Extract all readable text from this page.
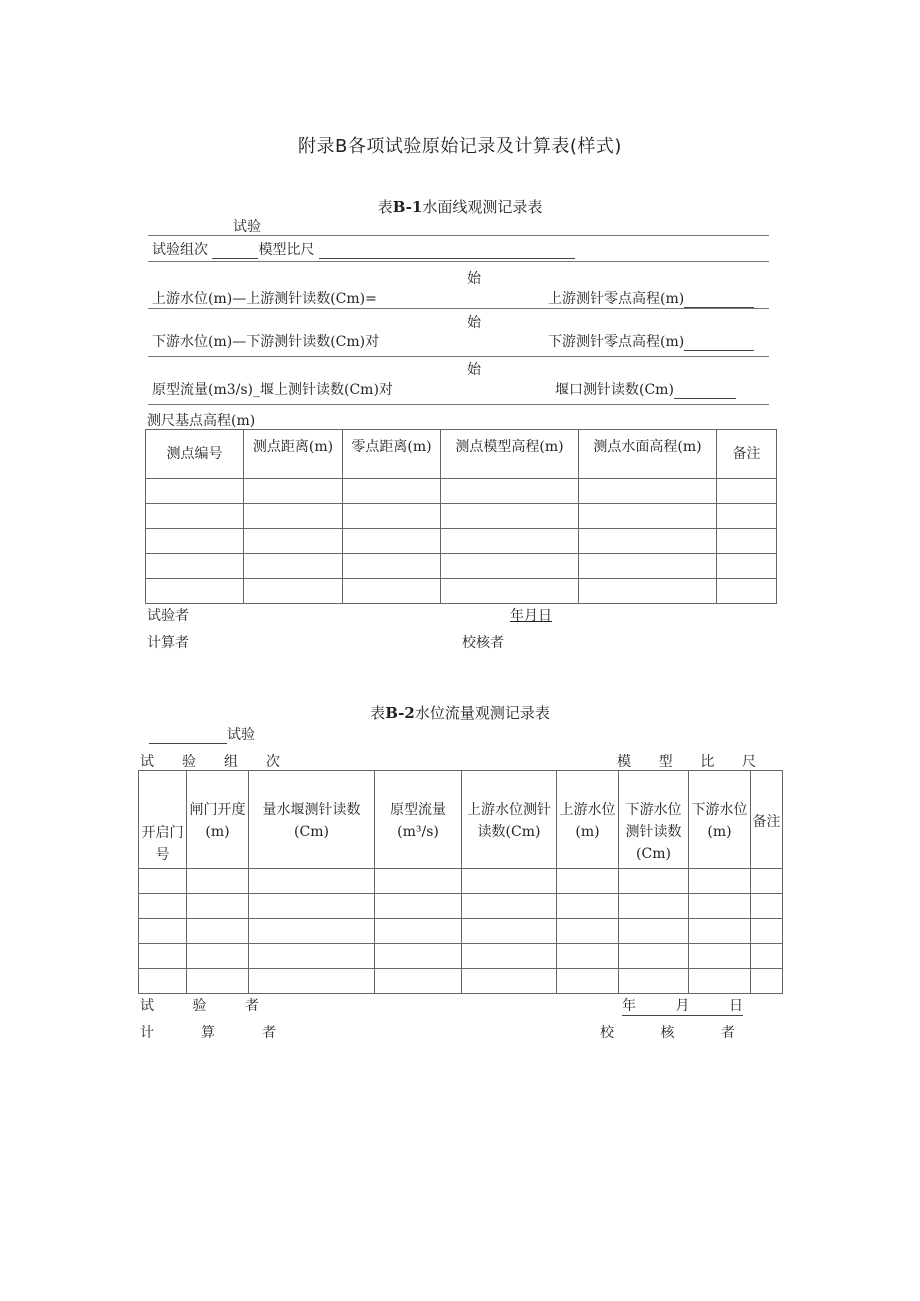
附录B各项试验原始记录及计算表(样式)
表B-1水面线观测记录表
试验
试验组次	模型比尺
始
上游水位(m)—上游测针读数(Cm)=	上游测针零点高程(m)
始
下游水位(m)—下游测针读数(Cm)对	下游测针零点高程(m)
始
原型流量(m3/s)_堰上测针读数(Cm)对	堰口测针读数(Cm)
测尺基点高程(m)
测点编号	测点距离(m)	零点距离(m)	测点模型高程(m)	测点水面高程(m)	备注

试验者	年月日
计算者	校核者
表B-2水位流量观测记录表
试验
试 验 组 次	模 型 比 尺
开启门号	闸门开度(m)	量水堰测针读数(Cm)	原型流量(m³/s)	上游水位测针读数(Cm)	上游水位(m)	下游水位测针读数(Cm)	下游水位(m)	备注

试	验	者	年	月	日
计	算	者	校	核	者
